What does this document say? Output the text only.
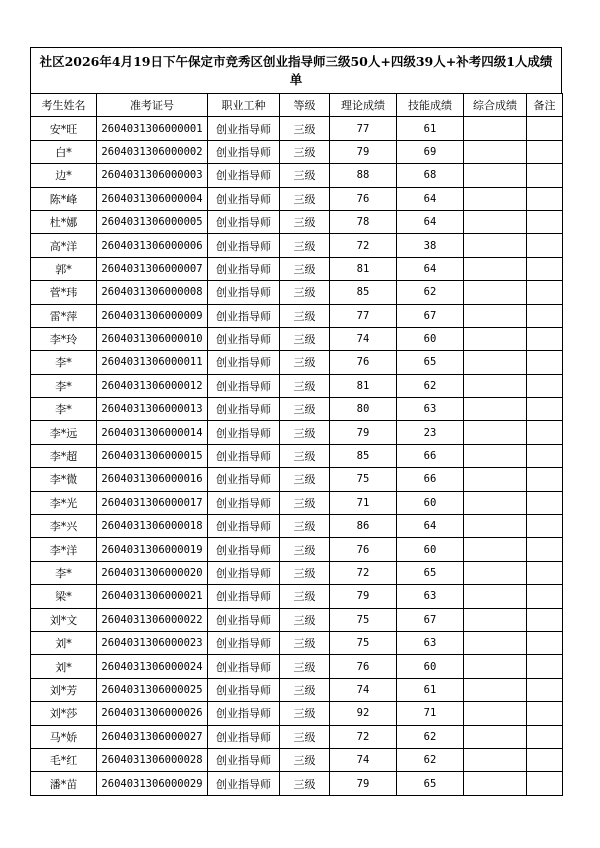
社区2026年4月19日下午保定市竞秀区创业指导师三级50人+四级39人+补考四级1人成绩单
考生姓名	准考证号	职业工种	等级	理论成绩	技能成绩	综合成绩	备注
安*旺	2604031306000001	创业指导师	三级	77	61		
白*	2604031306000002	创业指导师	三级	79	69		
边*	2604031306000003	创业指导师	三级	88	68		
陈*峰	2604031306000004	创业指导师	三级	76	64		
杜*娜	2604031306000005	创业指导师	三级	78	64		
高*洋	2604031306000006	创业指导师	三级	72	38		
郭*	2604031306000007	创业指导师	三级	81	64		
菅*玮	2604031306000008	创业指导师	三级	85	62		
雷*萍	2604031306000009	创业指导师	三级	77	67		
李*玲	2604031306000010	创业指导师	三级	74	60		
李*	2604031306000011	创业指导师	三级	76	65		
李*	2604031306000012	创业指导师	三级	81	62		
李*	2604031306000013	创业指导师	三级	80	63		
李*远	2604031306000014	创业指导师	三级	79	23		
李*超	2604031306000015	创业指导师	三级	85	66		
李*微	2604031306000016	创业指导师	三级	75	66		
李*光	2604031306000017	创业指导师	三级	71	60		
李*兴	2604031306000018	创业指导师	三级	86	64		
李*洋	2604031306000019	创业指导师	三级	76	60		
李*	2604031306000020	创业指导师	三级	72	65		
梁*	2604031306000021	创业指导师	三级	79	63		
刘*文	2604031306000022	创业指导师	三级	75	67		
刘*	2604031306000023	创业指导师	三级	75	63		
刘*	2604031306000024	创业指导师	三级	76	60		
刘*芳	2604031306000025	创业指导师	三级	74	61		
刘*莎	2604031306000026	创业指导师	三级	92	71		
马*娇	2604031306000027	创业指导师	三级	72	62		
毛*红	2604031306000028	创业指导师	三级	74	62		
潘*苗	2604031306000029	创业指导师	三级	79	65		
